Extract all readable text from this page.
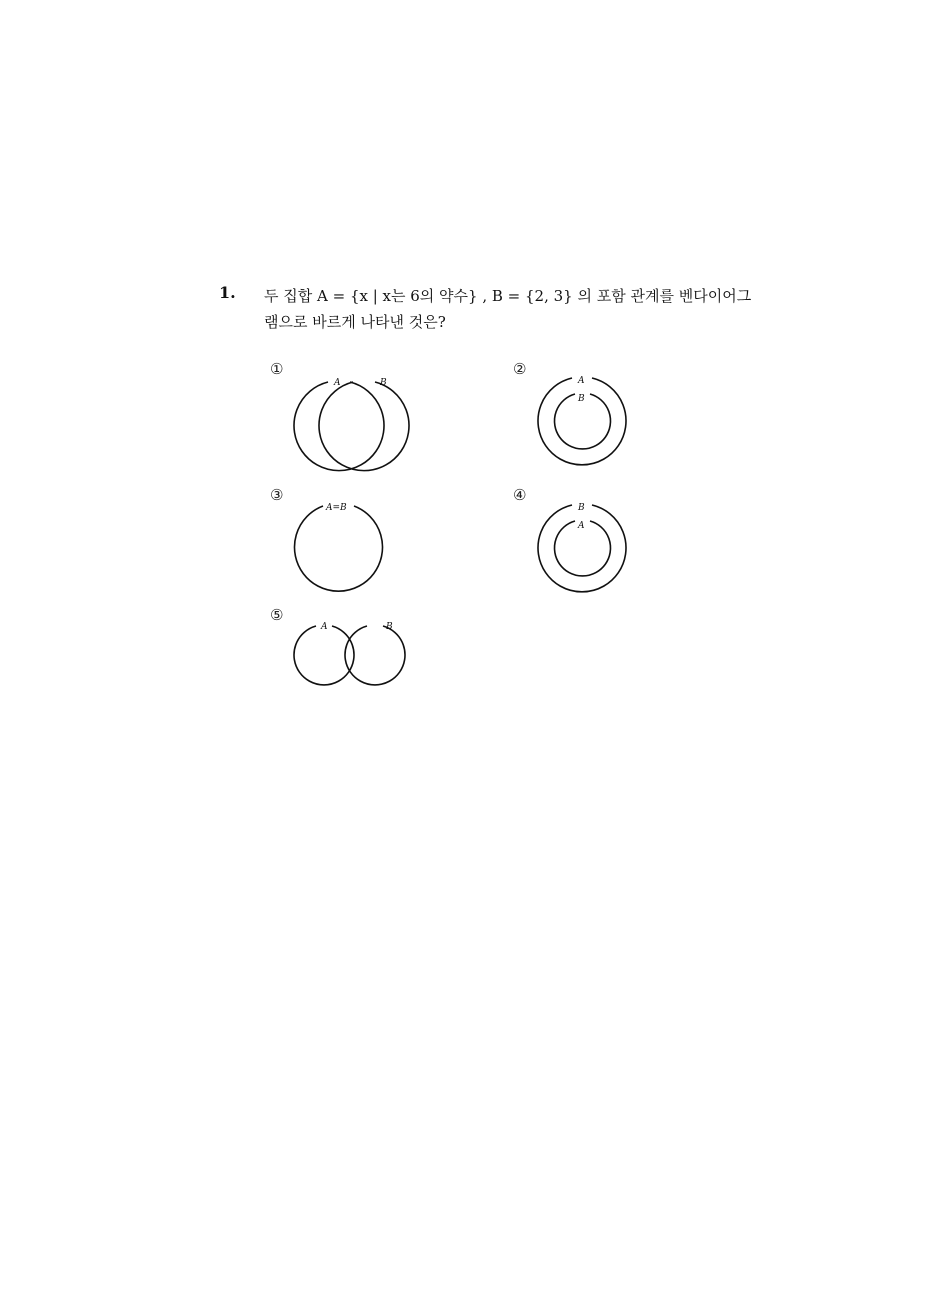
1. 두 집합 A = {x | x는 6의 약수} , B = {2, 3} 의 포함 관계를 벤다이어그
램으로 바르게 나타낸 것은?
①
A	B
②
A
B
③
A=B
④
B
A
⑤
A	B
